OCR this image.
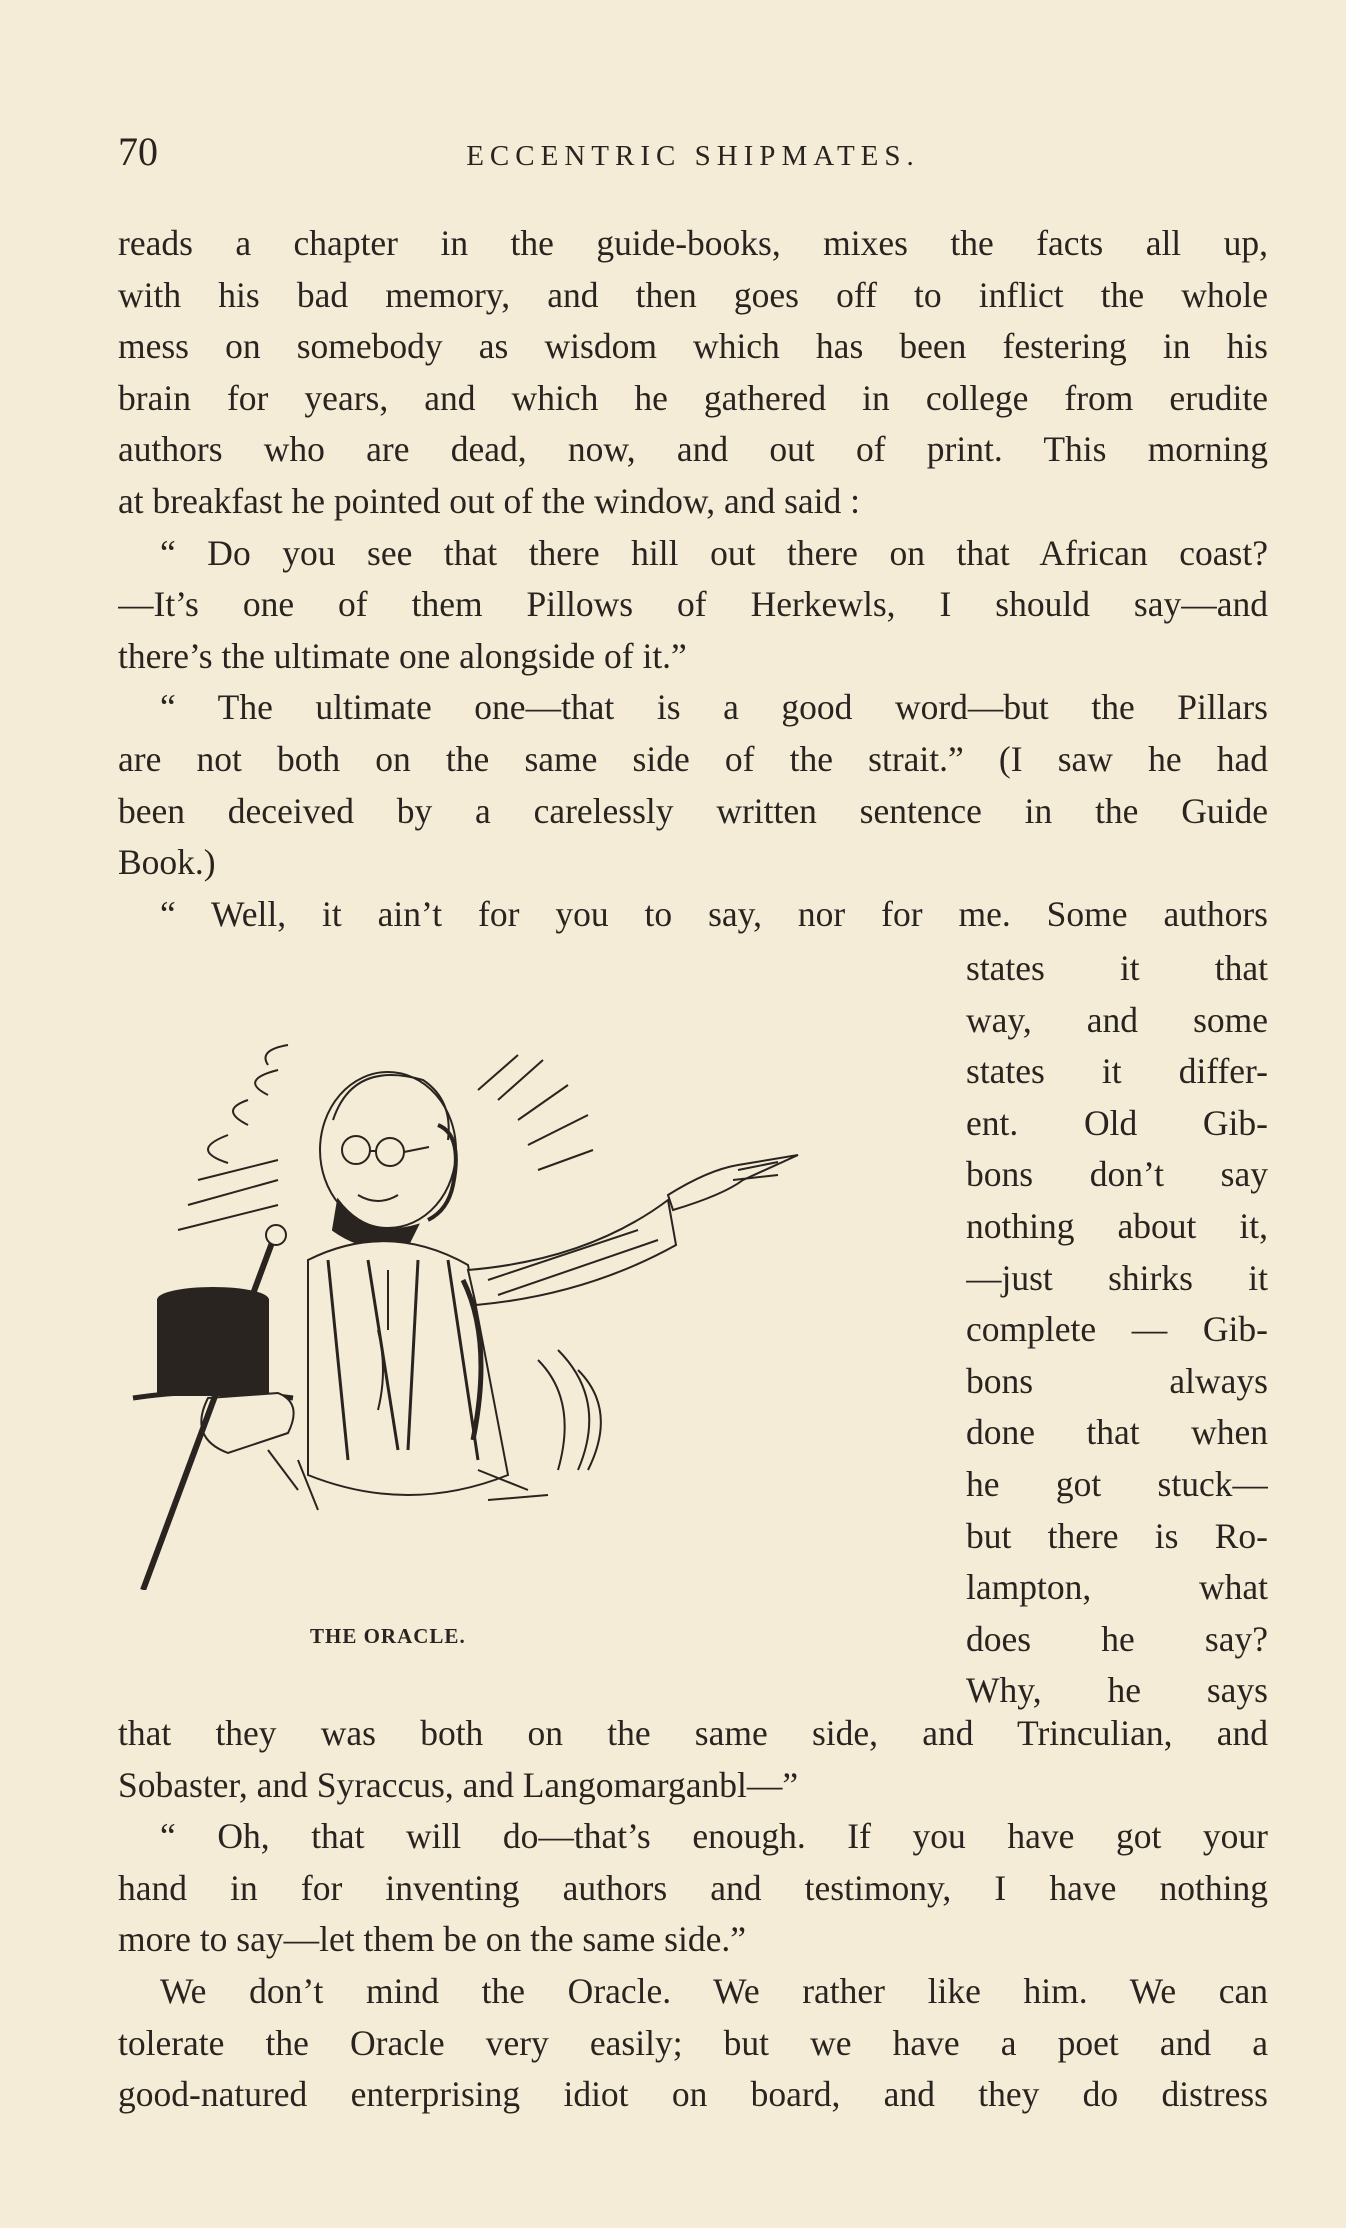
70	ECCENTRIC SHIPMATES.
reads a chapter in the guide-books, mixes the facts all up,
with his bad memory, and then goes off to inflict the whole
mess on somebody as wisdom which has been festering in his
brain for years, and which he gathered in college from erudite
authors who are dead, now, and out of print. This morning
at breakfast he pointed out of the window, and said :
“ Do you see that there hill out there on that African coast?
—It’s one of them Pillows of Herkewls, I should say—and
there’s the ultimate one alongside of it.”
“ The ultimate one—that is a good word—but the Pillars
are not both on the same side of the strait.” (I saw he had
been deceived by a carelessly written sentence in the Guide
Book.)
“ Well, it ain’t for you to say, nor for me. Some authors
states it that
way, and some
states it differ-
ent. Old Gib-
bons don’t say
nothing about it,
—just shirks it
complete — Gib-
bons always
done that when
he got stuck—
but there is Ro-
lampton, what
does he say?
Why, he says
THE ORACLE.
that they was both on the same side, and Trinculian, and
Sobaster, and Syraccus, and Langomarganbl—”
“ Oh, that will do—that’s enough. If you have got your
hand in for inventing authors and testimony, I have nothing
more to say—let them be on the same side.”
We don’t mind the Oracle. We rather like him. We can
tolerate the Oracle very easily; but we have a poet and a
good-natured enterprising idiot on board, and they do distress
